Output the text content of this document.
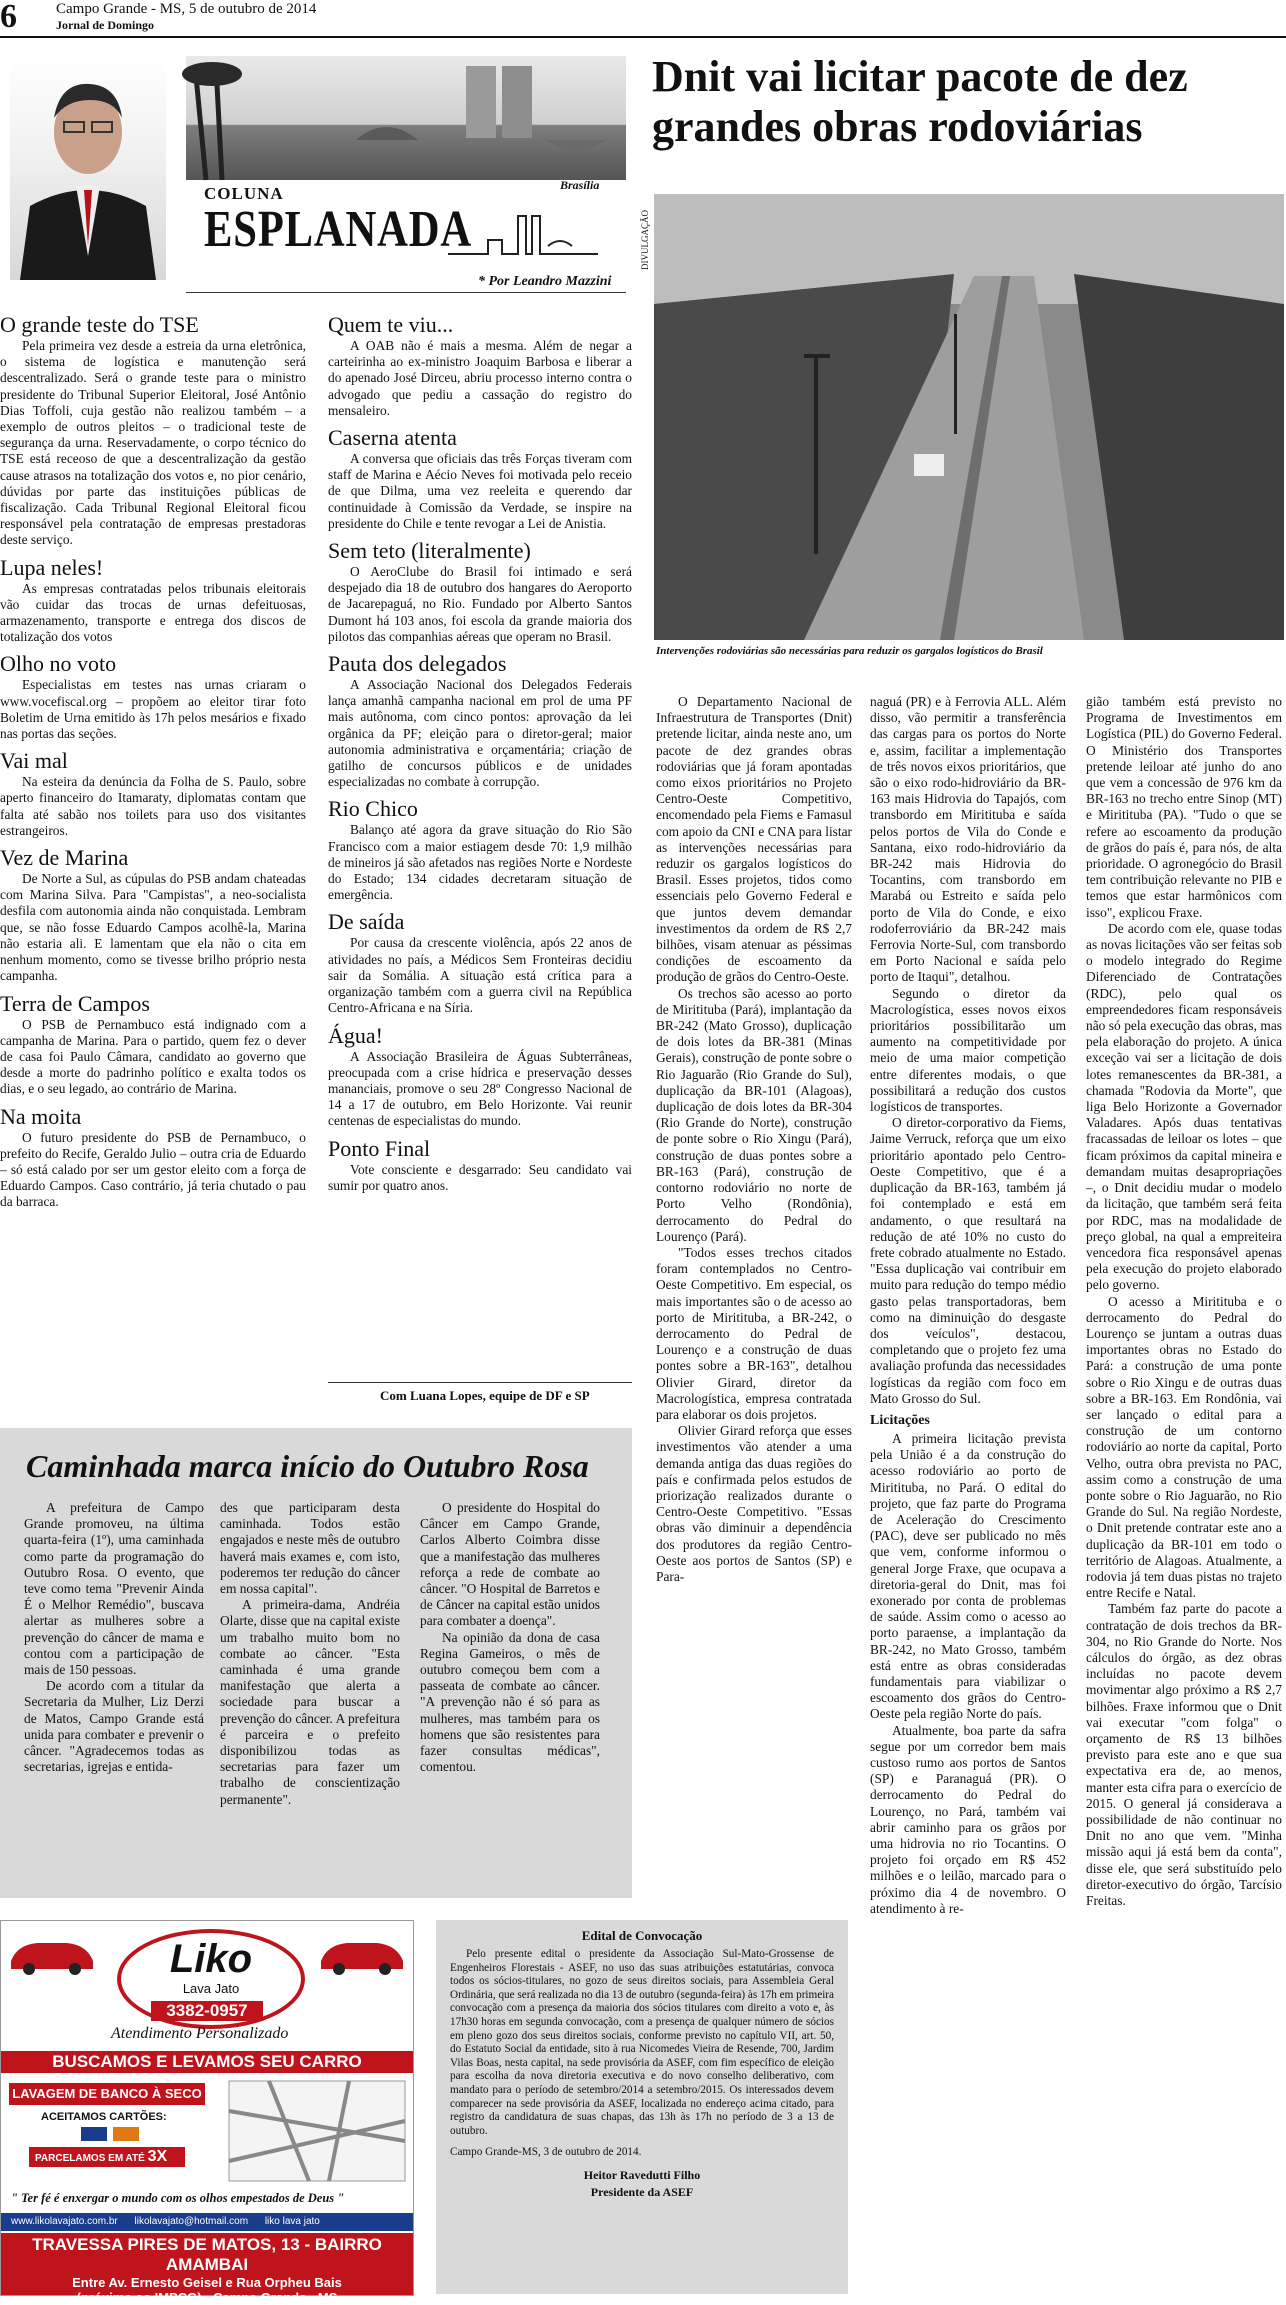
6	Campo Grande - MS, 5 de outubro de 2014
Jornal de Domingo
Brasília
COLUNA
ESPLANADA
* Por Leandro Mazzini
O grande teste do TSE

Pela primeira vez desde a estreia da urna eletrônica, o sistema de logística e manutenção será descentralizado. Será o grande teste para o ministro presidente do Tribunal Superior Eleitoral, José Antônio Dias Toffoli, cuja gestão não realizou também – a exemplo de outros pleitos – o tradicional teste de segurança da urna. Reservadamente, o corpo técnico do TSE está receoso de que a descentralização da gestão cause atrasos na totalização dos votos e, no pior cenário, dúvidas por parte das instituições públicas de fiscalização. Cada Tribunal Regional Eleitoral ficou responsável pela contratação de empresas prestadoras deste serviço.

Lupa neles!

As empresas contratadas pelos tribunais eleitorais vão cuidar das trocas de urnas defeituosas, armazenamento, transporte e entrega dos discos de totalização dos votos

Olho no voto

Especialistas em testes nas urnas criaram o www.vocefiscal.org – propõem ao eleitor tirar foto Boletim de Urna emitido às 17h pelos mesários e fixado nas portas das seções.

Vai mal

Na esteira da denúncia da Folha de S. Paulo, sobre aperto financeiro do Itamaraty, diplomatas contam que falta até sabão nos toilets para uso dos visitantes estrangeiros.

Vez de Marina

De Norte a Sul, as cúpulas do PSB andam chateadas com Marina Silva. Para "Campistas", a neo-socialista desfila com autonomia ainda não conquistada. Lembram que, se não fosse Eduardo Campos acolhê-la, Marina não estaria ali. E lamentam que ela não o cita em nenhum momento, como se tivesse brilho próprio nesta campanha.

Terra de Campos

O PSB de Pernambuco está indignado com a campanha de Marina. Para o partido, quem fez o dever de casa foi Paulo Câmara, candidato ao governo que desde a morte do padrinho político e exalta todos os dias, e o seu legado, ao contrário de Marina.

Na moita

O futuro presidente do PSB de Pernambuco, o prefeito do Recife, Geraldo Julio – outra cria de Eduardo – só está calado por ser um gestor eleito com a força de Eduardo Campos. Caso contrário, já teria chutado o pau da barraca.

Quem te viu...

A OAB não é mais a mesma. Além de negar a carteirinha ao ex-ministro Joaquim Barbosa e liberar a do apenado José Dirceu, abriu processo interno contra o advogado que pediu a cassação do registro do mensaleiro.

Caserna atenta

A conversa que oficiais das três Forças tiveram com staff de Marina e Aécio Neves foi motivada pelo receio de que Dilma, uma vez reeleita e querendo dar continuidade à Comissão da Verdade, se inspire na presidente do Chile e tente revogar a Lei de Anistia.

Sem teto (literalmente)

O AeroClube do Brasil foi intimado e será despejado dia 18 de outubro dos hangares do Aeroporto de Jacarepaguá, no Rio. Fundado por Alberto Santos Dumont há 103 anos, foi escola da grande maioria dos pilotos das companhias aéreas que operam no Brasil.

Pauta dos delegados

A Associação Nacional dos Delegados Federais lança amanhã campanha nacional em prol de uma PF mais autônoma, com cinco pontos: aprovação da lei orgânica da PF; eleição para o diretor-geral; maior autonomia administrativa e orçamentária; criação de gatilho de concursos públicos e de unidades especializadas no combate à corrupção.

Rio Chico

Balanço até agora da grave situação do Rio São Francisco com a maior estiagem desde 70: 1,9 milhão de mineiros já são afetados nas regiões Norte e Nordeste do Estado; 134 cidades decretaram situação de emergência.

De saída

Por causa da crescente violência, após 22 anos de atividades no país, a Médicos Sem Fronteiras decidiu sair da Somália. A situação está crítica para a organização também com a guerra civil na República Centro-Africana e na Síria.

Água!

A Associação Brasileira de Águas Subterrâneas, preocupada com a crise hídrica e preservação desses mananciais, promove o seu 28º Congresso Nacional de 14 a 17 de outubro, em Belo Horizonte. Vai reunir centenas de especialistas do mundo.

Ponto Final

Vote consciente e desgarrado: Seu candidato vai sumir por quatro anos.

Com Luana Lopes, equipe de DF e SP
Dnit vai licitar pacote de dez grandes obras rodoviárias
DIVULGAÇÃO
Intervenções rodoviárias são necessárias para reduzir os gargalos logísticos do Brasil

O Departamento Nacional de Infraestrutura de Transportes (Dnit) pretende licitar, ainda neste ano, um pacote de dez grandes obras rodoviárias que já foram apontadas como eixos prioritários no Projeto Centro-Oeste Competitivo, encomendado pela Fiems e Famasul com apoio da CNI e CNA para listar as intervenções necessárias para reduzir os gargalos logísticos do Brasil. Esses projetos, tidos como essenciais pelo Governo Federal e que juntos devem demandar investimentos da ordem de R$ 2,7 bilhões, visam atenuar as péssimas condições de escoamento da produção de grãos do Centro-Oeste.

Os trechos são acesso ao porto de Miritituba (Pará), implantação da BR-242 (Mato Grosso), duplicação de dois lotes da BR-381 (Minas Gerais), construção de ponte sobre o Rio Jaguarão (Rio Grande do Sul), duplicação da BR-101 (Alagoas), duplicação de dois lotes da BR-304 (Rio Grande do Norte), construção de ponte sobre o Rio Xingu (Pará), construção de duas pontes sobre a BR-163 (Pará), construção de contorno rodoviário no norte de Porto Velho (Rondônia), derrocamento do Pedral do Lourenço (Pará).

"Todos esses trechos citados foram contemplados no Centro-Oeste Competitivo. Em especial, os mais importantes são o de acesso ao porto de Miritituba, a BR-242, o derrocamento do Pedral de Lourenço e a construção de duas pontes sobre a BR-163", detalhou Olivier Girard, diretor da Macrologística, empresa contratada para elaborar os dois projetos.

Olivier Girard reforça que esses investimentos vão atender a uma demanda antiga das duas regiões do país e confirmada pelos estudos de priorização realizados durante o Centro-Oeste Competitivo. "Essas obras vão diminuir a dependência dos produtores da região Centro-Oeste aos portos de Santos (SP) e Para-

naguá (PR) e à Ferrovia ALL. Além disso, vão permitir a transferência das cargas para os portos do Norte e, assim, facilitar a implementação de três novos eixos prioritários, que são o eixo rodo-hidroviário da BR-163 mais Hidrovia do Tapajós, com transbordo em Miritituba e saída pelos portos de Vila do Conde e Santana, eixo rodo-hidroviário da BR-242 mais Hidrovia do Tocantins, com transbordo em Marabá ou Estreito e saída pelo porto de Vila do Conde, e eixo rodoferroviário da BR-242 mais Ferrovia Norte-Sul, com transbordo em Porto Nacional e saída pelo porto de Itaqui", detalhou.

Segundo o diretor da Macrologística, esses novos eixos prioritários possibilitarão um aumento na competitividade por meio de uma maior competição entre diferentes modais, o que possibilitará a redução dos custos logísticos de transportes.

O diretor-corporativo da Fiems, Jaime Verruck, reforça que um eixo prioritário apontado pelo Centro-Oeste Competitivo, que é a duplicação da BR-163, também já foi contemplado e está em andamento, o que resultará na redução de até 10% no custo do frete cobrado atualmente no Estado. "Essa duplicação vai contribuir em muito para redução do tempo médio gasto pelas transportadoras, bem como na diminuição do desgaste dos veículos", destacou, completando que o projeto fez uma avaliação profunda das necessidades logísticas da região com foco em Mato Grosso do Sul.

Licitações

A primeira licitação prevista pela União é a da construção do acesso rodoviário ao porto de Miritituba, no Pará. O edital do projeto, que faz parte do Programa de Aceleração do Crescimento (PAC), deve ser publicado no mês que vem, conforme informou o general Jorge Fraxe, que ocupava a diretoria-geral do Dnit, mas foi exonerado por conta de problemas de saúde. Assim como o acesso ao porto paraense, a implantação da BR-242, no Mato Grosso, também está entre as obras consideradas fundamentais para viabilizar o escoamento dos grãos do Centro-Oeste pela região Norte do país.

Atualmente, boa parte da safra segue por um corredor bem mais custoso rumo aos portos de Santos (SP) e Paranaguá (PR). O derrocamento do Pedral do Lourenço, no Pará, também vai abrir caminho para os grãos por uma hidrovia no rio Tocantins. O projeto foi orçado em R$ 452 milhões e o leilão, marcado para o próximo dia 4 de novembro. O atendimento à re-

gião também está previsto no Programa de Investimentos em Logística (PIL) do Governo Federal. O Ministério dos Transportes pretende leiloar até junho do ano que vem a concessão de 976 km da BR-163 no trecho entre Sinop (MT) e Miritituba (PA). "Tudo o que se refere ao escoamento da produção de grãos do país é, para nós, de alta prioridade. O agronegócio do Brasil tem contribuição relevante no PIB e temos que estar harmônicos com isso", explicou Fraxe.

De acordo com ele, quase todas as novas licitações vão ser feitas sob o modelo integrado do Regime Diferenciado de Contratações (RDC), pelo qual os empreendedores ficam responsáveis não só pela execução das obras, mas pela elaboração do projeto. A única exceção vai ser a licitação de dois lotes remanescentes da BR-381, a chamada "Rodovia da Morte", que liga Belo Horizonte a Governador Valadares. Após duas tentativas fracassadas de leiloar os lotes – que ficam próximos da capital mineira e demandam muitas desapropriações –, o Dnit decidiu mudar o modelo da licitação, que também será feita por RDC, mas na modalidade de preço global, na qual a empreiteira vencedora fica responsável apenas pela execução do projeto elaborado pelo governo.

O acesso a Miritituba e o derrocamento do Pedral do Lourenço se juntam a outras duas importantes obras no Estado do Pará: a construção de uma ponte sobre o Rio Xingu e de outras duas sobre a BR-163. Em Rondônia, vai ser lançado o edital para a construção de um contorno rodoviário ao norte da capital, Porto Velho, outra obra prevista no PAC, assim como a construção de uma ponte sobre o Rio Jaguarão, no Rio Grande do Sul. Na região Nordeste, o Dnit pretende contratar este ano a duplicação da BR-101 em todo o território de Alagoas. Atualmente, a rodovia já tem duas pistas no trajeto entre Recife e Natal.

Também faz parte do pacote a contratação de dois trechos da BR-304, no Rio Grande do Norte. Nos cálculos do órgão, as dez obras incluídas no pacote devem movimentar algo próximo a R$ 2,7 bilhões. Fraxe informou que o Dnit vai executar "com folga" o orçamento de R$ 13 bilhões previsto para este ano e que sua expectativa era de, ao menos, manter esta cifra para o exercício de 2015. O general já considerava a possibilidade de não continuar no Dnit no ano que vem. "Minha missão aqui já está bem da conta", disse ele, que será substituído pelo diretor-executivo do órgão, Tarcísio Freitas.

Caminhada marca início do Outubro Rosa

A prefeitura de Campo Grande promoveu, na última quarta-feira (1º), uma caminhada como parte da programação do Outubro Rosa. O evento, que teve como tema "Prevenir Ainda É o Melhor Remédio", buscava alertar as mulheres sobre a prevenção do câncer de mama e contou com a participação de mais de 150 pessoas.

De acordo com a titular da Secretaria da Mulher, Liz Derzi de Matos, Campo Grande está unida para combater e prevenir o câncer. "Agradecemos todas as secretarias, igrejas e entida-

des que participaram desta caminhada. Todos estão engajados e neste mês de outubro haverá mais exames e, com isto, poderemos ter redução do câncer em nossa capital".

A primeira-dama, Andréia Olarte, disse que na capital existe um trabalho muito bom no combate ao câncer. "Esta caminhada é uma grande manifestação que alerta a sociedade para buscar a prevenção do câncer. A prefeitura é parceira e o prefeito disponibilizou todas as secretarias para fazer um trabalho de conscientização permanente".

O presidente do Hospital do Câncer em Campo Grande, Carlos Alberto Coimbra disse que a manifestação das mulheres reforça a rede de combate ao câncer. "O Hospital de Barretos e de Câncer na capital estão unidos para combater a doença".

Na opinião da dona de casa Regina Gameiros, o mês de outubro começou bem com a passeata de combate ao câncer. "A prevenção não é só para as mulheres, mas também para os homens que são resistentes para fazer consultas médicas", comentou.

Liko
Lava Jato
3382-0957
Atendimento Personalizado
BUSCAMOS E LEVAMOS SEU CARRO
LAVAGEM DE BANCO À SECO
ACEITAMOS CARTÕES:
PARCELAMOS EM ATÉ 3X
" Ter fé é enxergar o mundo com os olhos empestados de Deus "
www.likolavajato.com.br likolavajato@hotmail.com liko lava jato
TRAVESSA PIRES DE MATOS, 13 - BAIRRO AMAMBAI
Entre Av. Ernesto Geisel e Rua Orpheu Bais
(próximo ao IMPCG) - Campo Grande - MS
Edital de Convocação

Pelo presente edital o presidente da Associação Sul-Mato-Grossense de Engenheiros Florestais - ASEF, no uso das suas atribuições estatutárias, convoca todos os sócios-titulares, no gozo de seus direitos sociais, para Assembleia Geral Ordinária, que será realizada no dia 13 de outubro (segunda-feira) às 17h em primeira convocação com a presença da maioria dos sócios titulares com direito a voto e, às 17h30 horas em segunda convocação, com a presença de qualquer número de sócios em pleno gozo dos seus direitos sociais, conforme previsto no capítulo VII, art. 50, do Estatuto Social da entidade, sito à rua Nicomedes Vieira de Resende, 700, Jardim Vilas Boas, nesta capital, na sede provisória da ASEF, com fim específico de eleição para escolha da nova diretoria executiva e do novo conselho deliberativo, com mandato para o período de setembro/2014 a setembro/2015. Os interessados devem comparecer na sede provisória da ASEF, localizada no endereço acima citado, para registro da candidatura de suas chapas, das 13h às 17h no período de 3 a 13 de outubro.

Campo Grande-MS, 3 de outubro de 2014.

Heitor Ravedutti Filho
Presidente da ASEF
